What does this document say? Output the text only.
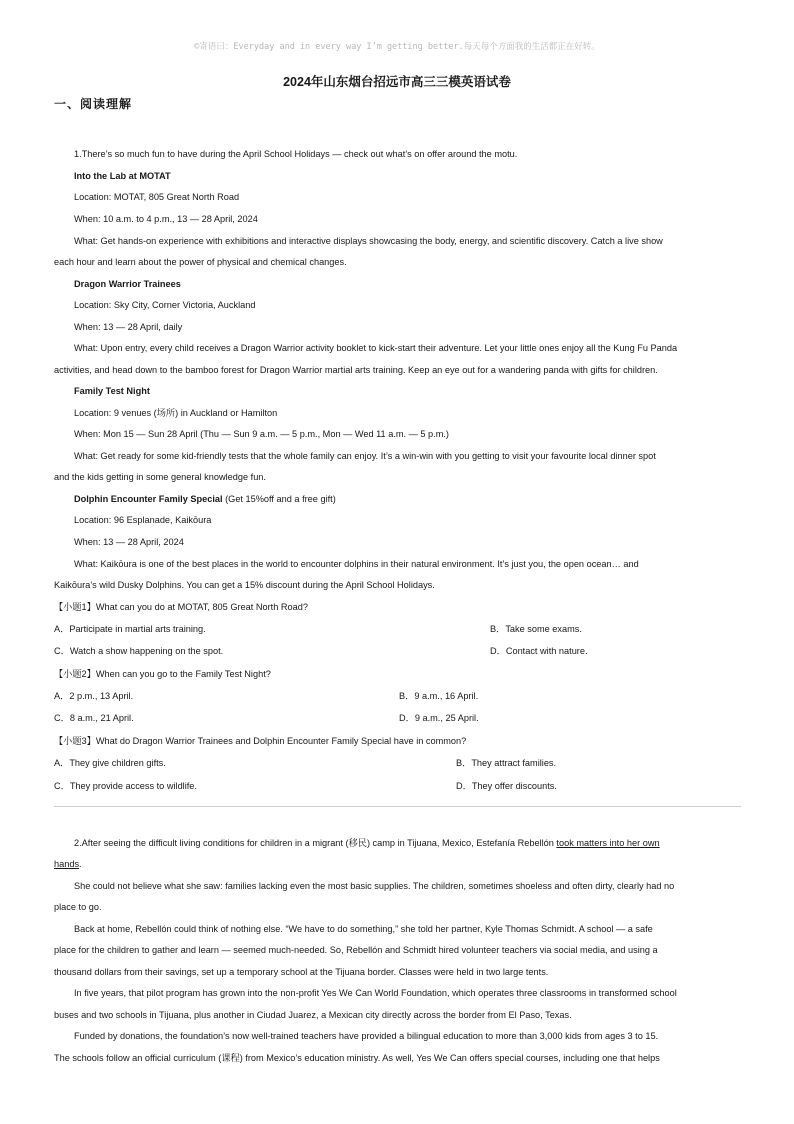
©寄语曰：Everyday and in every way I’m getting better.每天每个方面我的生活都正在好转。
2024年山东烟台招远市高三三模英语试卷
一、阅读理解
1.There’s so much fun to have during the April School Holidays — check out what’s on offer around the motu.
Into the Lab at MOTAT
Location: MOTAT, 805 Great North Road
When: 10 a.m. to 4 p.m., 13 — 28 April, 2024
What: Get hands-on experience with exhibitions and interactive displays showcasing the body, energy, and scientific discovery. Catch a live show
each hour and learn about the power of physical and chemical changes.
Dragon Warrior Trainees
Location: Sky City, Corner Victoria, Auckland
When: 13 — 28 April, daily
What: Upon entry, every child receives a Dragon Warrior activity booklet to kick-start their adventure. Let your little ones enjoy all the Kung Fu Panda
activities, and head down to the bamboo forest for Dragon Warrior martial arts training. Keep an eye out for a wandering panda with gifts for children.
Family Test Night
Location: 9 venues (场所) in Auckland or Hamilton
When: Mon 15 — Sun 28 April (Thu — Sun 9 a.m. — 5 p.m., Mon — Wed 11 a.m. — 5 p.m.)
What: Get ready for some kid-friendly tests that the whole family can enjoy. It’s a win-win with you getting to visit your favourite local dinner spot
and the kids getting in some general knowledge fun.
Dolphin Encounter Family Special (Get 15%off and a free gift)
Location: 96 Esplanade, Kaikōura
When: 13 — 28 April, 2024
What: Kaikōura is one of the best places in the world to encounter dolphins in their natural environment. It’s just you, the open ocean… and
Kaikōura’s wild Dusky Dolphins. You can get a 15% discount during the April School Holidays.
【小题1】What can you do at MOTAT, 805 Great North Road?
A．Participate in martial arts training.	B．Take some exams.
C．Watch a show happening on the spot.	D．Contact with nature.
【小题2】When can you go to the Family Test Night?
A．2 p.m., 13 April.	B．9 a.m., 16 April.
C．8 a.m., 21 April.	D．9 a.m., 25 April.
【小题3】What do Dragon Warrior Trainees and Dolphin Encounter Family Special have in common?
A．They give children gifts.	B．They attract families.
C．They provide access to wildlife.	D．They offer discounts.
2.After seeing the difficult living conditions for children in a migrant (移民) camp in Tijuana, Mexico, Estefanía Rebellón took matters into her own
hands.
She could not believe what she saw: families lacking even the most basic supplies. The children, sometimes shoeless and often dirty, clearly had no
place to go.
Back at home, Rebellón could think of nothing else. “We have to do something,” she told her partner, Kyle Thomas Schmidt. A school — a safe
place for the children to gather and learn — seemed much-needed. So, Rebellón and Schmidt hired volunteer teachers via social media, and using a
thousand dollars from their savings, set up a temporary school at the Tijuana border. Classes were held in two large tents.
In five years, that pilot program has grown into the non-profit Yes We Can World Foundation, which operates three classrooms in transformed school
buses and two schools in Tijuana, plus another in Ciudad Juarez, a Mexican city directly across the border from El Paso, Texas.
Funded by donations, the foundation’s now well-trained teachers have provided a bilingual education to more than 3,000 kids from ages 3 to 15.
The schools follow an official curriculum (课程) from Mexico’s education ministry. As well, Yes We Can offers special courses, including one that helps
